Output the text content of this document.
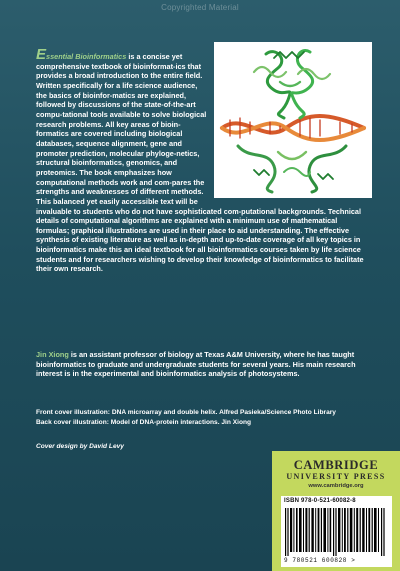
Copyrighted Material
Essential Bioinformatics is a concise yet comprehensive textbook of bioinformat-ics that provides a broad introduction to the entire field. Written specifically for a life science audience, the basics of bioinfor-matics are explained, followed by discussions of the state-of-the-art compu-tational tools available to solve biological research problems. All key areas of bioin-formatics are covered including biological databases, sequence alignment, gene and promoter prediction, molecular phyloge-netics, structural bioinformatics, genomics, and proteomics. The book emphasizes how computational methods work and com-pares the strengths and weaknesses of different methods. This balanced yet easily accessible text will be invaluable to students who do not have sophisticated com-putational backgrounds. Technical details of computational algorithms are explained with a minimum use of mathematical formulas; graphical illustrations are used in their place to aid understanding. The effective synthesis of existing literature as well as in-depth and up-to-date coverage of all key topics in bioinformatics make this an ideal textbook for all bioinformatics courses taken by life science students and for researchers wishing to develop their knowledge of bioinformatics to facilitate their own research.
Jin Xiong is an assistant professor of biology at Texas A&M University, where he has taught bioinformatics to graduate and undergraduate students for several years. His main research interest is in the experimental and bioinformatics analysis of photosystems.
Front cover illustration: DNA microarray and double helix. Alfred Pasieka/Science Photo Library
Back cover illustration: Model of DNA-protein interactions. Jin Xiong
Cover design by David Levy
CAMBRIDGE
UNIVERSITY PRESS
www.cambridge.org
ISBN 978-0-521-60082-8
9 780521 600828 >
